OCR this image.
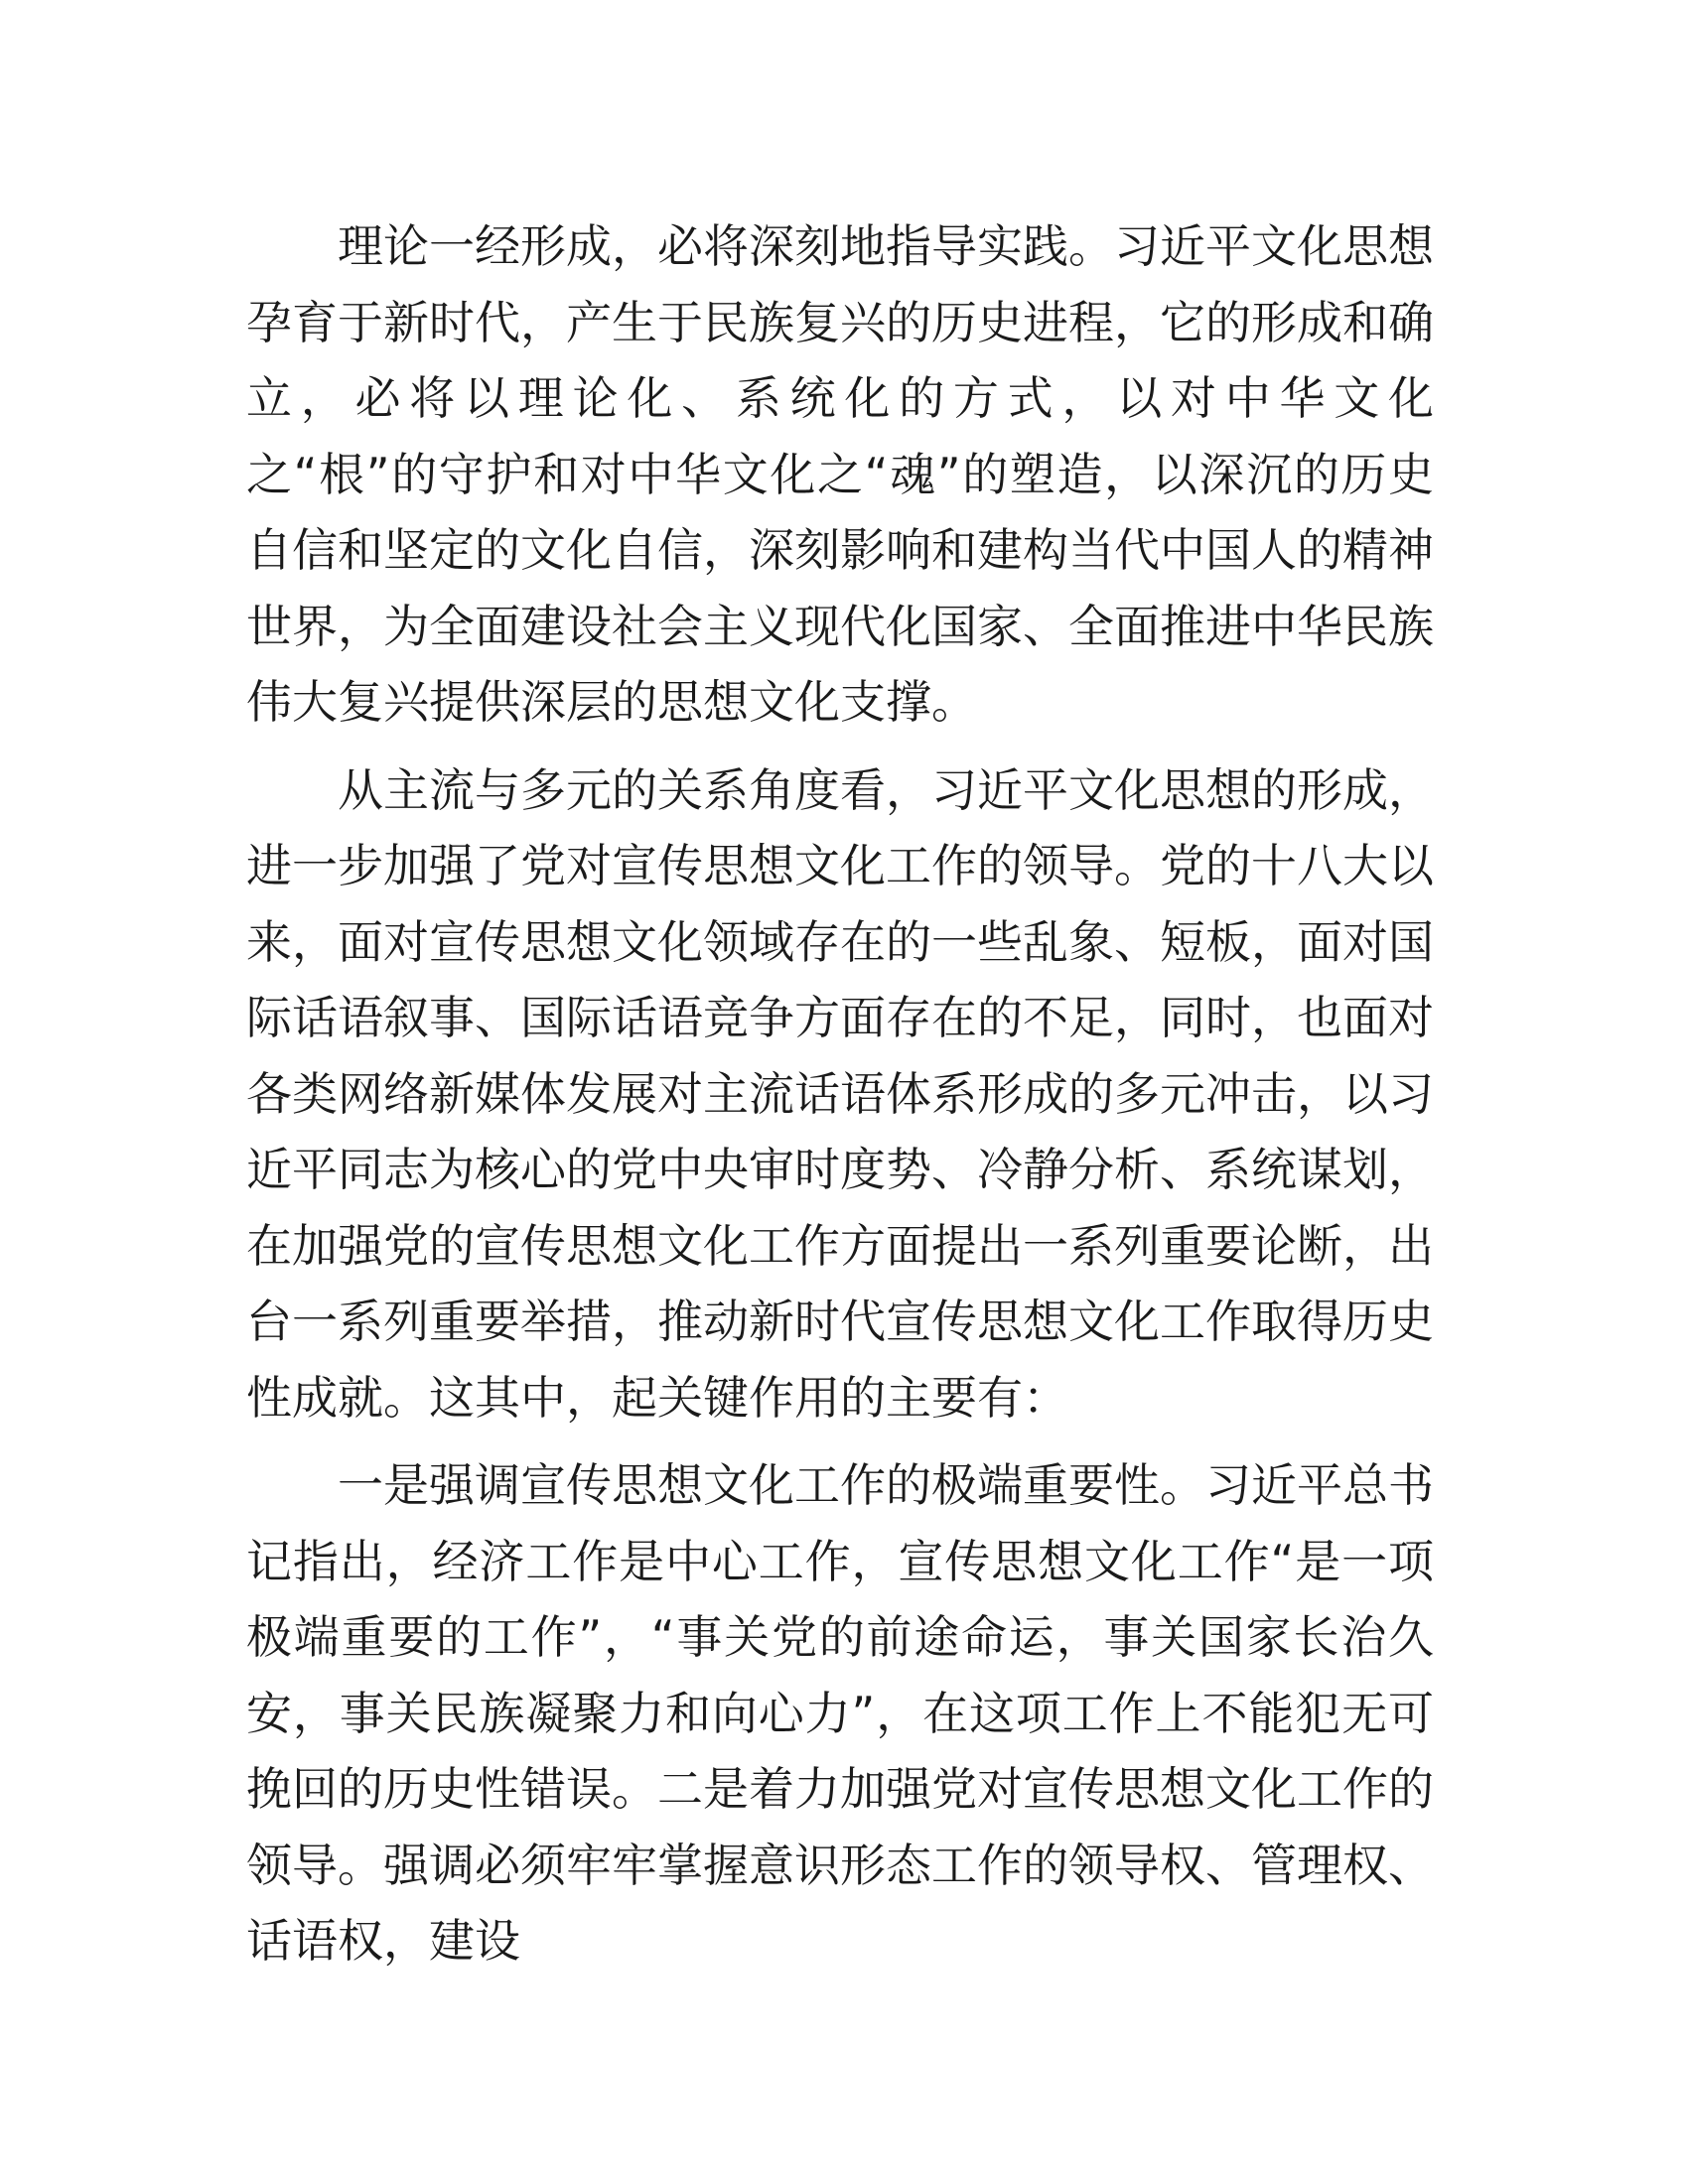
理论一经形成，必将深刻地指导实践。习近平文化思想孕育于新时代，产生于民族复兴的历史进程，它的形成和确立，必将以理论化、系统化的方式，以对中华文化之“根”的守护和对中华文化之“魂”的塑造，以深沉的历史自信和坚定的文化自信，深刻影响和建构当代中国人的精神世界，为全面建设社会主义现代化国家、全面推进中华民族伟大复兴提供深层的思想文化支撑。

从主流与多元的关系角度看，习近平文化思想的形成，进一步加强了党对宣传思想文化工作的领导。党的十八大以来，面对宣传思想文化领域存在的一些乱象、短板，面对国际话语叙事、国际话语竞争方面存在的不足，同时，也面对各类网络新媒体发展对主流话语体系形成的多元冲击，以习近平同志为核心的党中央审时度势、冷静分析、系统谋划，在加强党的宣传思想文化工作方面提出一系列重要论断，出台一系列重要举措，推动新时代宣传思想文化工作取得历史性成就。这其中，起关键作用的主要有：

一是强调宣传思想文化工作的极端重要性。习近平总书记指出，经济工作是中心工作，宣传思想文化工作“是一项极端重要的工作”，“事关党的前途命运，事关国家长治久安，事关民族凝聚力和向心力”，在这项工作上不能犯无可挽回的历史性错误。二是着力加强党对宣传思想文化工作的领导。强调必须牢牢掌握意识形态工作的领导权、管理权、话语权，建设
